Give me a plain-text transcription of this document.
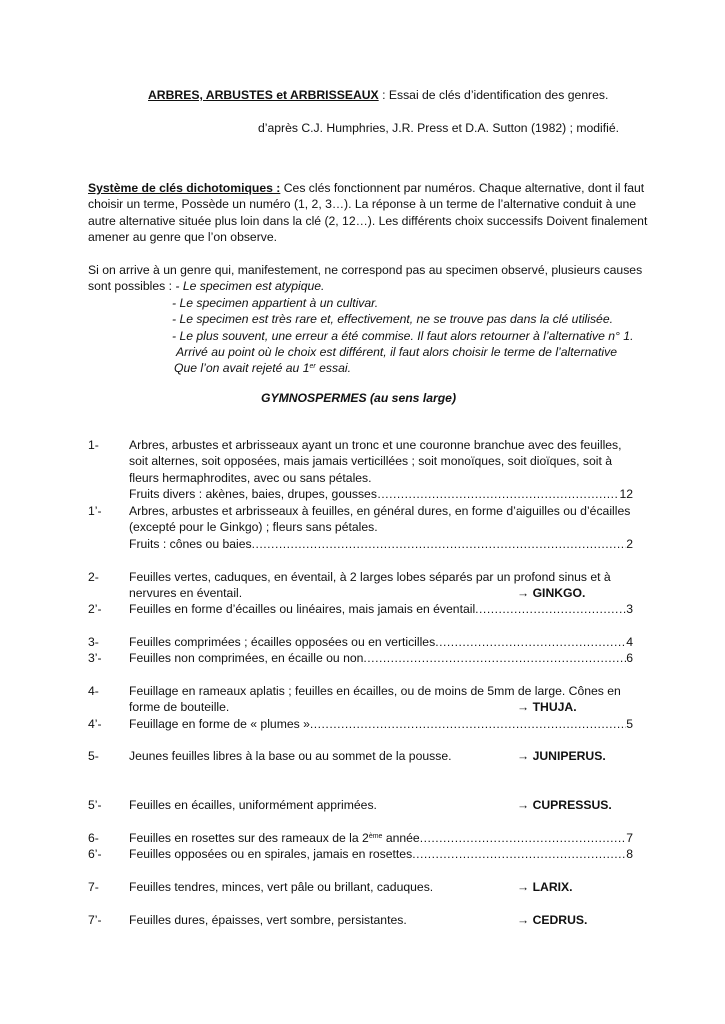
ARBRES, ARBUSTES et ARBRISSEAUX : Essai de clés d’identification des genres.
d’après C.J. Humphries, J.R. Press et D.A. Sutton (1982) ; modifié.

Système de clés dichotomiques : Ces clés fonctionnent par numéros. Chaque alternative, dont il faut choisir un terme, Possède un numéro (1, 2, 3…). La réponse à un terme de l’alternative conduit à une autre alternative située plus loin dans la clé (2, 12…). Les différents choix successifs Doivent finalement amener au genre que l’on observe.

Si on arrive à un genre qui, manifestement, ne correspond pas au specimen observé, plusieurs causes
sont possibles : - Le specimen est atypique.
- Le specimen appartient à un cultivar.
- Le specimen est très rare et, effectivement, ne se trouve pas dans la clé utilisée.
- Le plus souvent, une erreur a été commise. Il faut alors retourner à l’alternative n° 1.
Arrivé au point où le choix est différent, il faut alors choisir le terme de l’alternative
Que l’on avait rejeté au 1er essai.
GYMNOSPERMES (au sens large)
1-	Arbres, arbustes et arbrisseaux ayant un tronc et une couronne branchue avec des feuilles,
soit alternes, soit opposées, mais jamais verticillées ; soit monoïques, soit dioïques, soit à
fleurs hermaphrodites, avec ou sans pétales.
Fruits divers : akènes, baies, drupes, gousses… .....	12
1’-	Arbres, arbustes et arbrisseaux à feuilles, en général dures, en forme d’aiguilles ou d’écailles
(excepté pour le Ginkgo) ; fleurs sans pétales.
Fruits : cônes ou baies .....	2
2-	Feuilles vertes, caduques, en éventail, à 2 larges lobes séparés par un profond sinus et à
nervures en éventail.	→ GINKGO.
2’-	Feuilles en forme d’écailles ou linéaires, mais jamais en éventail .....	3
3-	Feuilles comprimées ; écailles opposées ou en verticilles .....	4
3’-	Feuilles non comprimées, en écaille ou non .....	6
4-	Feuillage en rameaux aplatis ; feuilles en écailles, ou de moins de 5mm de large. Cônes en
forme de bouteille.	→ THUJA.
4’-	Feuillage en forme de « plumes » .....	5
5-	Jeunes feuilles libres à la base ou au sommet de la pousse.	→ JUNIPERUS.
5’-	Feuilles en écailles, uniformément apprimées.	→ CUPRESSUS.
6-	Feuilles en rosettes sur des rameaux de la 2ème année .....	7
6’-	Feuilles opposées ou en spirales, jamais en rosettes .....	8
7-	Feuilles tendres, minces, vert pâle ou brillant, caduques.	→ LARIX.
7’-	Feuilles dures, épaisses, vert sombre, persistantes.	→ CEDRUS.
